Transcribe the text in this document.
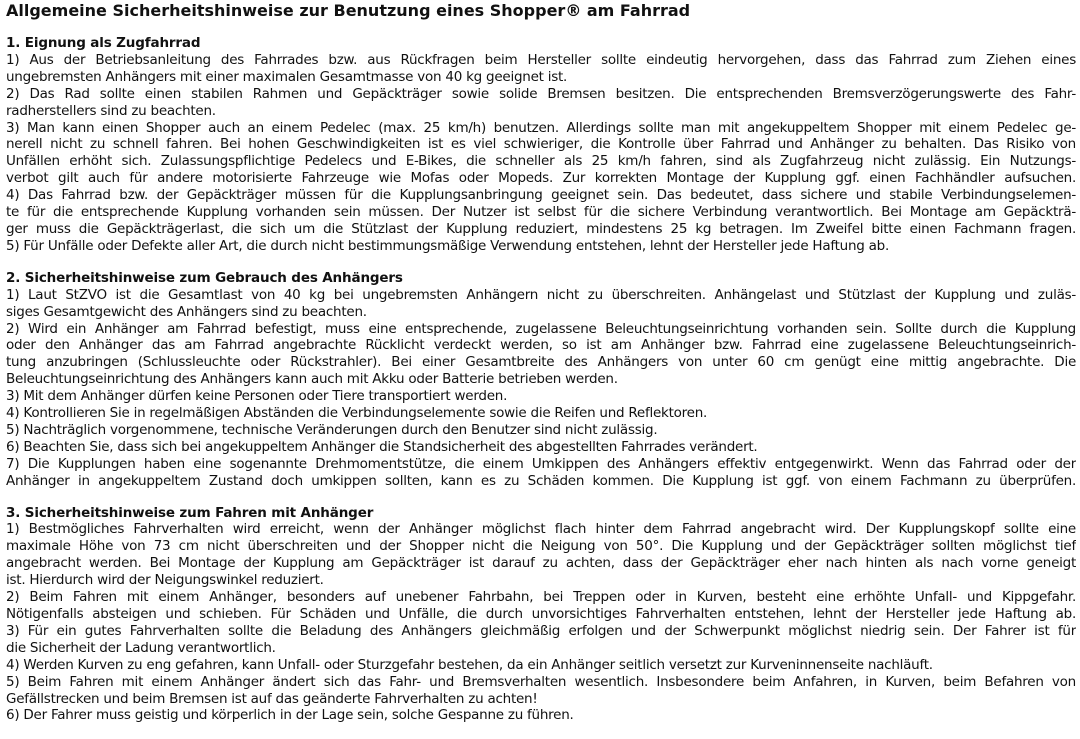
Allgemeine Sicherheitshinweise zur Benutzung eines Shopper® am Fahrrad
1. Eignung als Zugfahrrad
1) Aus der Betriebsanleitung des Fahrrades bzw. aus Rückfragen beim Hersteller sollte eindeutig hervorgehen, dass das Fahrrad zum Ziehen eines
ungebremsten Anhängers mit einer maximalen Gesamtmasse von 40 kg geeignet ist.
2) Das Rad sollte einen stabilen Rahmen und Gepäckträger sowie solide Bremsen besitzen. Die entsprechenden Bremsverzögerungswerte des Fahr-
radherstellers sind zu beachten.
3) Man kann einen Shopper auch an einem Pedelec (max. 25 km/h) benutzen. Allerdings sollte man mit angekuppeltem Shopper mit einem Pedelec ge-
nerell nicht zu schnell fahren. Bei hohen Geschwindigkeiten ist es viel schwieriger, die Kontrolle über Fahrrad und Anhänger zu behalten. Das Risiko von
Unfällen erhöht sich. Zulassungspflichtige Pedelecs und E-Bikes, die schneller als 25 km/h fahren, sind als Zugfahrzeug nicht zulässig. Ein Nutzungs-
verbot gilt auch für andere motorisierte Fahrzeuge wie Mofas oder Mopeds. Zur korrekten Montage der Kupplung ggf. einen Fachhändler aufsuchen.
4) Das Fahrrad bzw. der Gepäckträger müssen für die Kupplungsanbringung geeignet sein. Das bedeutet, dass sichere und stabile Verbindungselemen-
te für die entsprechende Kupplung vorhanden sein müssen. Der Nutzer ist selbst für die sichere Verbindung verantwortlich. Bei Montage am Gepäckträ-
ger muss die Gepäckträgerlast, die sich um die Stützlast der Kupplung reduziert, mindestens 25 kg betragen. Im Zweifel bitte einen Fachmann fragen.
5) Für Unfälle oder Defekte aller Art, die durch nicht bestimmungsmäßige Verwendung entstehen, lehnt der Hersteller jede Haftung ab.
2. Sicherheitshinweise zum Gebrauch des Anhängers
1) Laut StZVO ist die Gesamtlast von 40 kg bei ungebremsten Anhängern nicht zu überschreiten. Anhängelast und Stützlast der Kupplung und zuläs-
siges Gesamtgewicht des Anhängers sind zu beachten.
2) Wird ein Anhänger am Fahrrad befestigt, muss eine entsprechende, zugelassene Beleuchtungseinrichtung vorhanden sein. Sollte durch die Kupplung
oder den Anhänger das am Fahrrad angebrachte Rücklicht verdeckt werden, so ist am Anhänger bzw. Fahrrad eine zugelassene Beleuchtungseinrich-
tung anzubringen (Schlussleuchte oder Rückstrahler). Bei einer Gesamtbreite des Anhängers von unter 60 cm genügt eine mittig angebrachte. Die
Beleuchtungseinrichtung des Anhängers kann auch mit Akku oder Batterie betrieben werden.
3) Mit dem Anhänger dürfen keine Personen oder Tiere transportiert werden.
4) Kontrollieren Sie in regelmäßigen Abständen die Verbindungselemente sowie die Reifen und Reflektoren.
5) Nachträglich vorgenommene, technische Veränderungen durch den Benutzer sind nicht zulässig.
6) Beachten Sie, dass sich bei angekuppeltem Anhänger die Standsicherheit des abgestellten Fahrrades verändert.
7) Die Kupplungen haben eine sogenannte Drehmomentstütze, die einem Umkippen des Anhängers effektiv entgegenwirkt. Wenn das Fahrrad oder der
Anhänger in angekuppeltem Zustand doch umkippen sollten, kann es zu Schäden kommen. Die Kupplung ist ggf. von einem Fachmann zu überprüfen.
3. Sicherheitshinweise zum Fahren mit Anhänger
1) Bestmögliches Fahrverhalten wird erreicht, wenn der Anhänger möglichst flach hinter dem Fahrrad angebracht wird. Der Kupplungskopf sollte eine
maximale Höhe von 73 cm nicht überschreiten und der Shopper nicht die Neigung von 50°. Die Kupplung und der Gepäckträger sollten möglichst tief
angebracht werden. Bei Montage der Kupplung am Gepäckträger ist darauf zu achten, dass der Gepäckträger eher nach hinten als nach vorne geneigt
ist. Hierdurch wird der Neigungswinkel reduziert.
2) Beim Fahren mit einem Anhänger, besonders auf unebener Fahrbahn, bei Treppen oder in Kurven, besteht eine erhöhte Unfall- und Kippgefahr.
Nötigenfalls absteigen und schieben. Für Schäden und Unfälle, die durch unvorsichtiges Fahrverhalten entstehen, lehnt der Hersteller jede Haftung ab.
3) Für ein gutes Fahrverhalten sollte die Beladung des Anhängers gleichmäßig erfolgen und der Schwerpunkt möglichst niedrig sein. Der Fahrer ist für
die Sicherheit der Ladung verantwortlich.
4) Werden Kurven zu eng gefahren, kann Unfall- oder Sturzgefahr bestehen, da ein Anhänger seitlich versetzt zur Kurveninnenseite nachläuft.
5) Beim Fahren mit einem Anhänger ändert sich das Fahr- und Bremsverhalten wesentlich. Insbesondere beim Anfahren, in Kurven, beim Befahren von
Gefällstrecken und beim Bremsen ist auf das geänderte Fahrverhalten zu achten!
6) Der Fahrer muss geistig und körperlich in der Lage sein, solche Gespanne zu führen.
